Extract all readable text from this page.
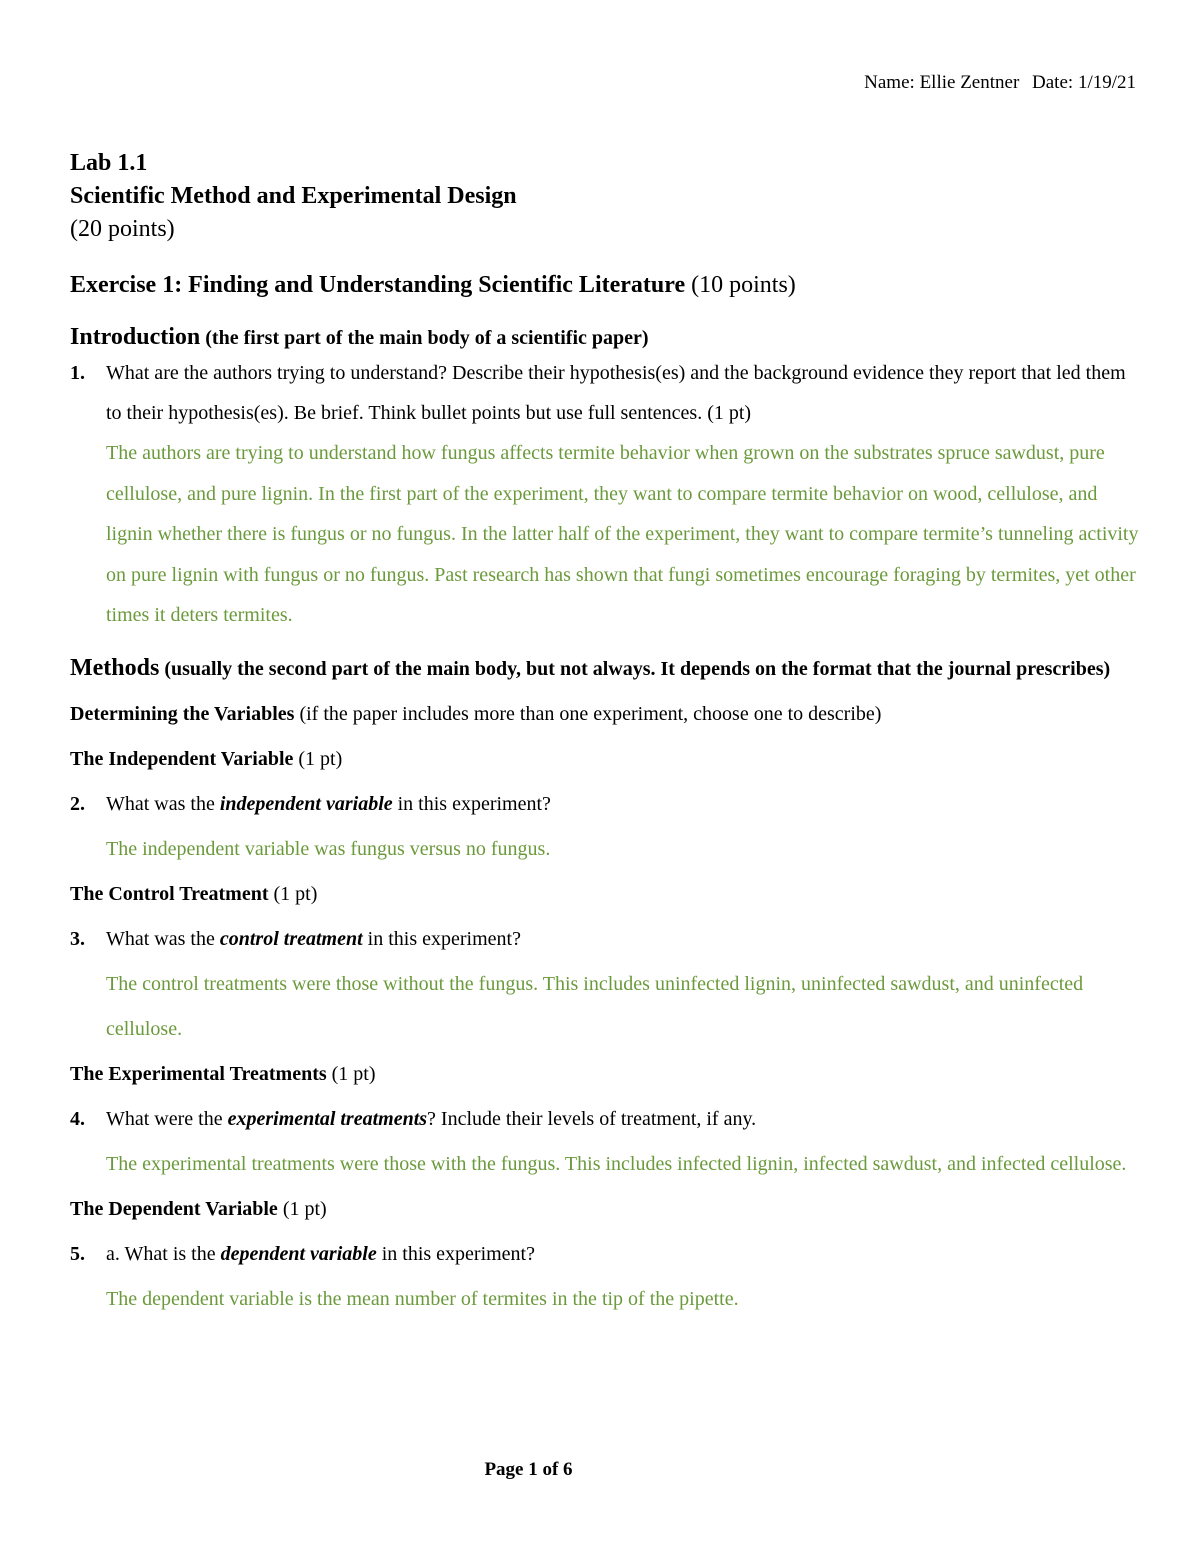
Name: Ellie Zentner Date: 1/19/21
Lab 1.1
Scientific Method and Experimental Design
(20 points)
Exercise 1: Finding and Understanding Scientific Literature (10 points)
Introduction (the first part of the main body of a scientific paper)
1. What are the authors trying to understand? Describe their hypothesis(es) and the background evidence they report that led them to their hypothesis(es). Be brief. Think bullet points but use full sentences. (1 pt)
The authors are trying to understand how fungus affects termite behavior when grown on the substrates spruce sawdust, pure cellulose, and pure lignin. In the first part of the experiment, they want to compare termite behavior on wood, cellulose, and lignin whether there is fungus or no fungus. In the latter half of the experiment, they want to compare termite’s tunneling activity on pure lignin with fungus or no fungus. Past research has shown that fungi sometimes encourage foraging by termites, yet other times it deters termites.
Methods (usually the second part of the main body, but not always. It depends on the format that the journal prescribes)
Determining the Variables (if the paper includes more than one experiment, choose one to describe)
The Independent Variable (1 pt)
2. What was the independent variable in this experiment?
The independent variable was fungus versus no fungus.
The Control Treatment (1 pt)
3. What was the control treatment in this experiment?
The control treatments were those without the fungus. This includes uninfected lignin, uninfected sawdust, and uninfected cellulose.
The Experimental Treatments (1 pt)
4. What were the experimental treatments? Include their levels of treatment, if any.
The experimental treatments were those with the fungus. This includes infected lignin, infected sawdust, and infected cellulose.
The Dependent Variable (1 pt)
5. a. What is the dependent variable in this experiment?
The dependent variable is the mean number of termites in the tip of the pipette.
Page 1 of 6
